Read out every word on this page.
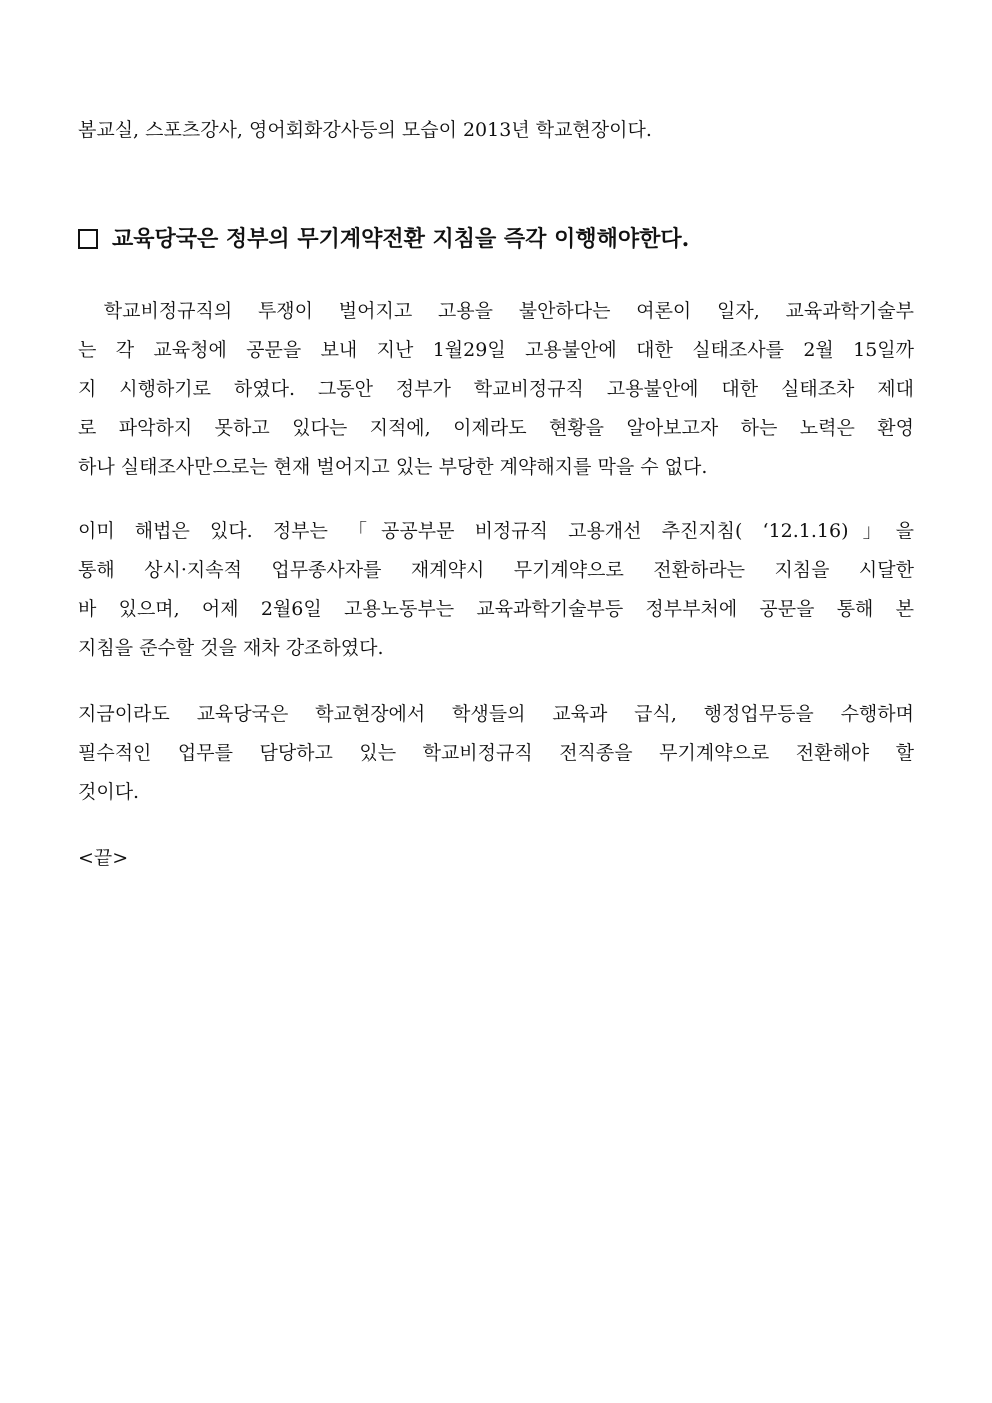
봄교실, 스포츠강사, 영어회화강사등의 모습이 2013년 학교현장이다.
교육당국은 정부의 무기계약전환 지침을 즉각 이행해야한다.
학교비정규직의 투쟁이 벌어지고 고용을 불안하다는 여론이 일자, 교육과학기술부
는 각 교육청에 공문을 보내 지난 1월29일 고용불안에 대한 실태조사를 2월 15일까
지 시행하기로 하였다. 그동안 정부가 학교비정규직 고용불안에 대한 실태조차 제대
로 파악하지 못하고 있다는 지적에, 이제라도 현황을 알아보고자 하는 노력은 환영
하나 실태조사만으로는 현재 벌어지고 있는 부당한 계약해지를 막을 수 없다.
이미 해법은 있다. 정부는 「공공부문 비정규직 고용개선 추진지침( ‘12.1.16)」을
통해 상시·지속적 업무종사자를 재계약시 무기계약으로 전환하라는 지침을 시달한
바 있으며, 어제 2월6일 고용노동부는 교육과학기술부등 정부부처에 공문을 통해 본
지침을 준수할 것을 재차 강조하였다.
지금이라도 교육당국은 학교현장에서 학생들의 교육과 급식, 행정업무등을 수행하며
필수적인 업무를 담당하고 있는 학교비정규직 전직종을 무기계약으로 전환해야 할
것이다.
<끝>
